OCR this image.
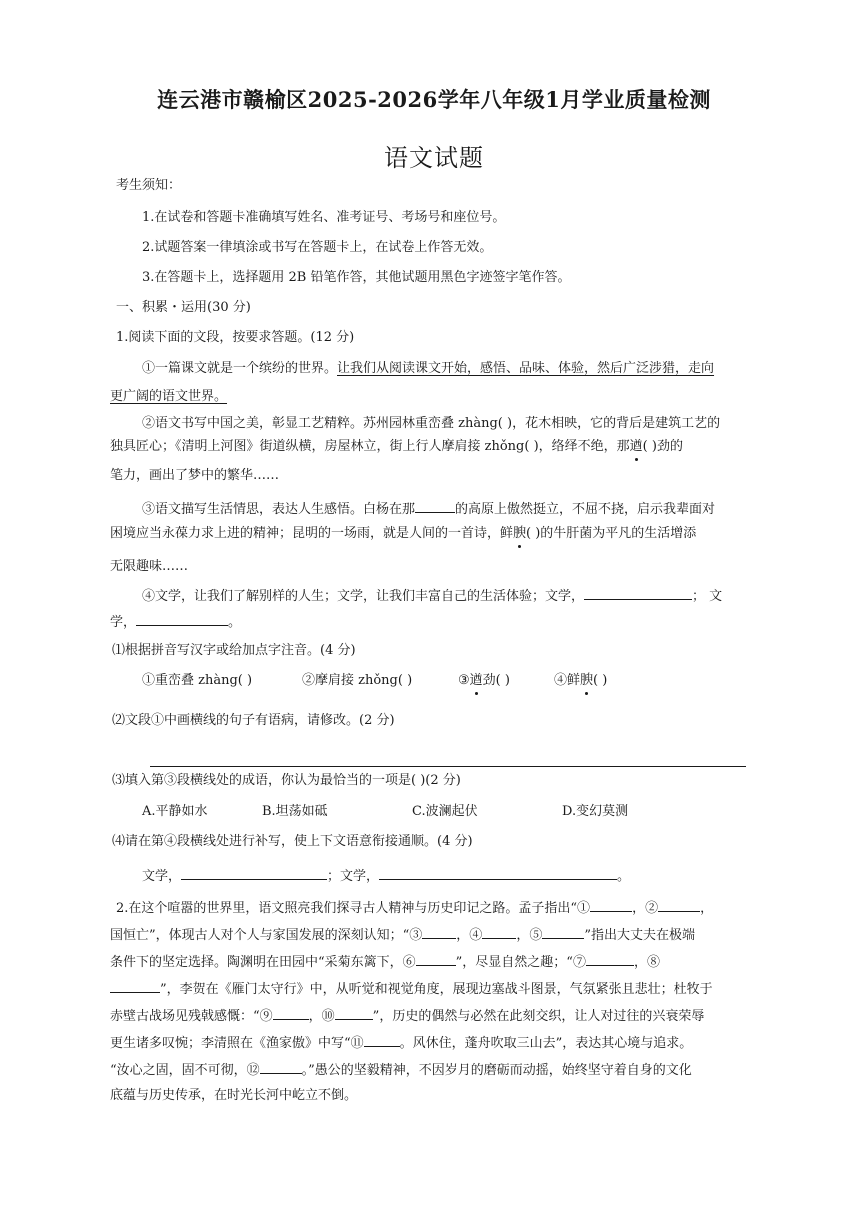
连云港市赣榆区2025-2026学年八年级1月学业质量检测
语文试题
考生须知：
1.在试卷和答题卡准确填写姓名、准考证号、考场号和座位号。
2.试题答案一律填涂或书写在答题卡上，在试卷上作答无效。
3.在答题卡上，选择题用 2B 铅笔作答，其他试题用黑色字迹签字笔作答。
一、积累・运用(30 分)
1.阅读下面的文段，按要求答题。(12 分)
①一篇课文就是一个缤纷的世界。让我们从阅读课文开始，感悟、品味、体验，然后广泛涉猎，走向
更广阔的语文世界。
②语文书写中国之美，彰显工艺精粹。苏州园林重峦叠 zhàng( )，花木相映，它的背后是建筑工艺的
独具匠心；《清明上河图》街道纵横，房屋林立，街上行人摩肩接 zhǒng( )，络绎不绝，那遒( )劲的
笔力，画出了梦中的繁华……
③语文描写生活情思，表达人生感悟。白杨在那	的高原上傲然挺立，不屈不挠，启示我辈面对
困境应当永葆力求上进的精神；昆明的一场雨，就是人间的一首诗，鲜腴( )的牛肝菌为平凡的生活增添
无限趣味……
④文学，让我们了解别样的人生；文学，让我们丰富自己的生活体验；文学，	； 文
学，	。
⑴根据拼音写汉字或给加点字注音。(4 分)
①重峦叠 zhàng( )	②摩肩接 zhǒng( )	③遒劲( )	④鲜腴( )
⑵文段①中画横线的句子有语病，请修改。(2 分)
⑶填入第③段横线处的成语，你认为最恰当的一项是( )(2 分)
A.平静如水	B.坦荡如砥	C.波澜起伏	D.变幻莫测
⑷请在第④段横线处进行补写，使上下文语意衔接通顺。(4 分)
文学，	；文学，	。
2.在这个喧嚣的世界里，语文照亮我们探寻古人精神与历史印记之路。孟子指出“①	，②	，
国恒亡”，体现古人对个人与家国发展的深刻认知；“③	，④	，⑤	”指出大丈夫在极端
条件下的坚定选择。陶渊明在田园中“采菊东篱下，⑥	”，尽显自然之趣；“⑦	，⑧
”，李贺在《雁门太守行》中，从听觉和视觉角度，展现边塞战斗图景，气氛紧张且悲壮；杜牧于
赤壁古战场见残戟感慨：“⑨	，⑩	”，历史的偶然与必然在此刻交织，让人对过往的兴衰荣辱
更生诸多叹惋；李清照在《渔家傲》中写“⑪	。风休住，蓬舟吹取三山去”，表达其心境与追求。
“汝心之固，固不可彻，⑫	。”愚公的坚毅精神，不因岁月的磨砺而动摇，始终坚守着自身的文化
底蕴与历史传承，在时光长河中屹立不倒。
